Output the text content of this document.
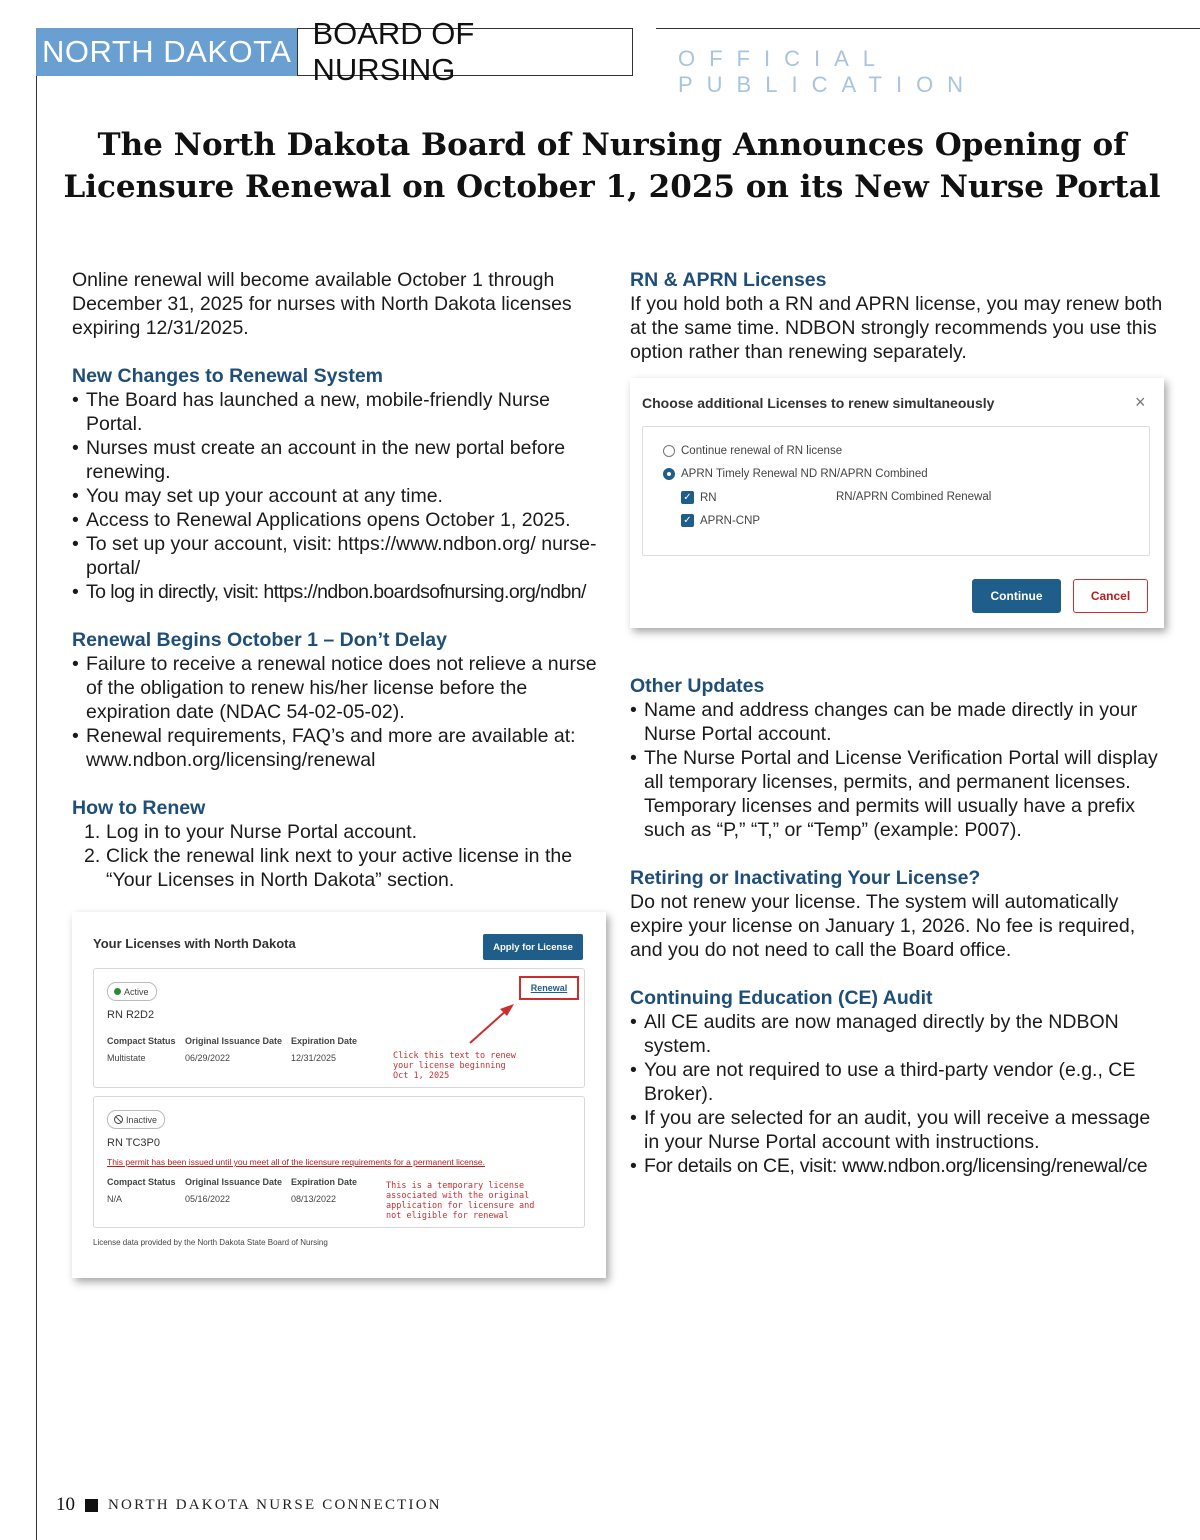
NORTH DAKOTA
BOARD OF NURSING	OFFICIAL PUBLICATION
The North Dakota Board of Nursing Announces Opening of Licensure Renewal on October 1, 2025 on its New Nurse Portal

Online renewal will become available October 1 through December 31, 2025 for nurses with North Dakota licenses expiring 12/31/2025.

New Changes to Renewal System

• The Board has launched a new, mobile-friendly Nurse Portal.
• Nurses must create an account in the new portal before renewing.
• You may set up your account at any time.
• Access to Renewal Applications opens October 1, 2025.
• To set up your account, visit: https://www.ndbon.org/ nurse-portal/
• To log in directly, visit: https://ndbon.boardsofnursing.org/ndbn/

Renewal Begins October 1 – Don’t Delay

• Failure to receive a renewal notice does not relieve a nurse of the obligation to renew his/her license before the expiration date (NDAC 54-02-05-02).
• Renewal requirements, FAQ’s and more are available at: www.ndbon.org/licensing/renewal

How to Renew

1. Log in to your Nurse Portal account.
2. Click the renewal link next to your active license in the “Your Licenses in North Dakota” section.
Your Licenses with North Dakota	Apply for License
Active
RN R2D2
Compact Status Original Issuance Date Expiration Date
Multistate	06/29/2022	12/31/2025
Renewal
Click this text to renew
your license beginning
Oct 1, 2025
Inactive
RN TC3P0
This permit has been issued until you meet all of the licensure requirements for a permanent license.
Compact Status Original Issuance Date Expiration Date
N/A	05/16/2022	08/13/2022
This is a temporary license
associated with the original
application for licensure and
not eligible for renewal
License data provided by the North Dakota State Board of Nursing

RN & APRN Licenses

If you hold both a RN and APRN license, you may renew both at the same time. NDBON strongly recommends you use this option rather than renewing separately.

Choose additional Licenses to renew simultaneously	×
Continue renewal of RN license
APRN Timely Renewal ND RN/APRN Combined
✓ RN	RN/APRN Combined Renewal
✓ APRN-CNP
Continue	Cancel

Other Updates

• Name and address changes can be made directly in your Nurse Portal account.
• The Nurse Portal and License Verification Portal will display all temporary licenses, permits, and permanent licenses. Temporary licenses and permits will usually have a prefix such as “P,” “T,” or “Temp” (example: P007).

Retiring or Inactivating Your License?

Do not renew your license. The system will automatically expire your license on January 1, 2026. No fee is required, and you do not need to call the Board office.

Continuing Education (CE) Audit

• All CE audits are now managed directly by the NDBON system.
• You are not required to use a third-party vendor (e.g., CE Broker).
• If you are selected for an audit, you will receive a message in your Nurse Portal account with instructions.
• For details on CE, visit: www.ndbon.org/licensing/renewal/ce
10 NORTH DAKOTA NURSE CONNECTION
